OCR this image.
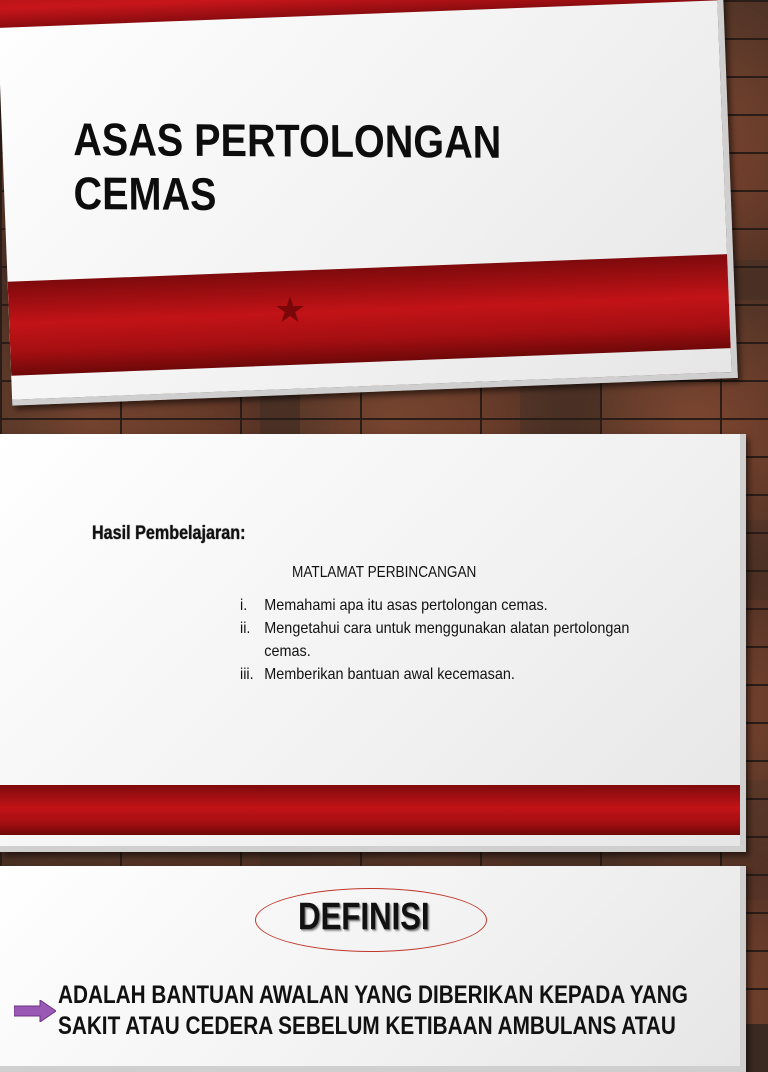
ASAS PERTOLONGAN CEMAS
★
Hasil Pembelajaran:
MATLAMAT PERBINCANGAN
i. Memahami apa itu asas pertolongan cemas.
ii. Mengetahui cara untuk menggunakan alatan pertolongan cemas.
iii. Memberikan bantuan awal kecemasan.
DEFINISI
ADALAH BANTUAN AWALAN YANG DIBERIKAN KEPADA YANG SAKIT ATAU CEDERA SEBELUM KETIBAAN AMBULANS ATAU
